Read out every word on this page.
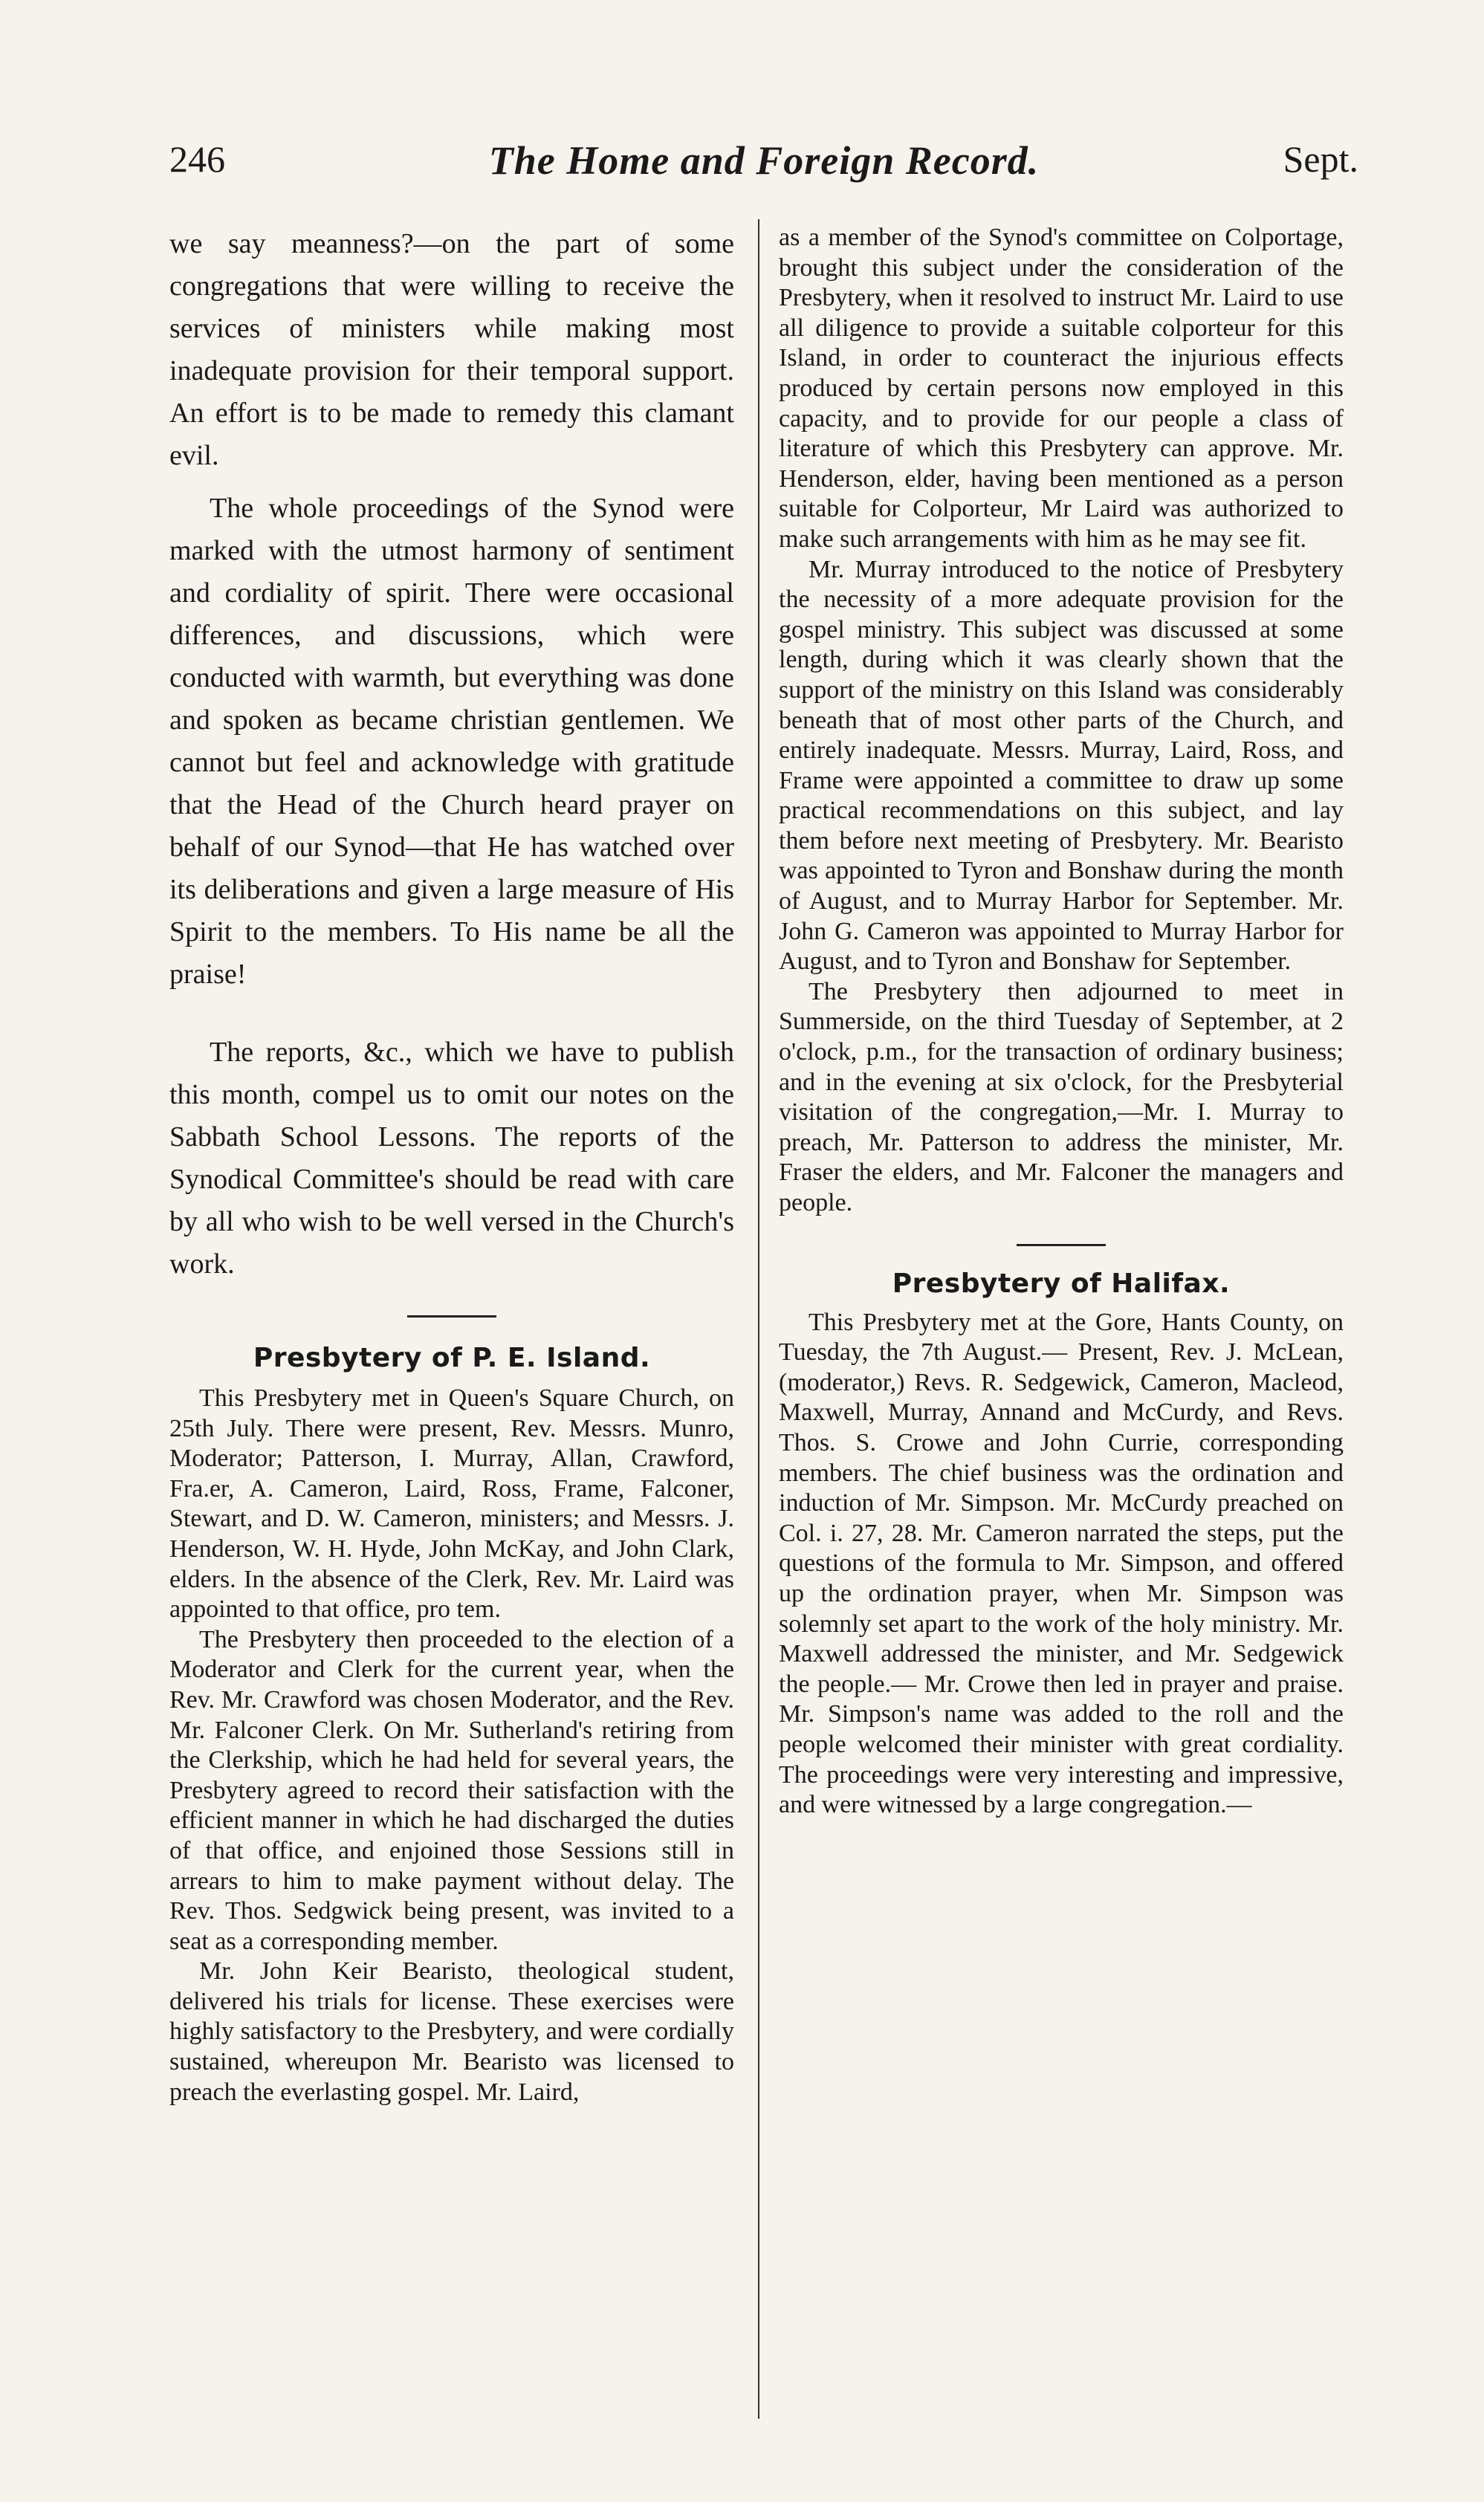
246	The Home and Foreign Record.	Sept.

we say meanness?—on the part of some congregations that were willing to receive the services of ministers while making most inadequate provision for their temporal support. An effort is to be made to remedy this clamant evil.

The whole proceedings of the Synod were marked with the utmost harmony of sentiment and cordiality of spirit. There were occasional differences, and discussions, which were conducted with warmth, but everything was done and spoken as became christian gentlemen. We cannot but feel and acknowledge with gratitude that the Head of the Church heard prayer on behalf of our Synod—that He has watched over its deliberations and given a large measure of His Spirit to the members. To His name be all the praise!

The reports, &c., which we have to publish this month, compel us to omit our notes on the Sabbath School Lessons. The reports of the Synodical Committee's should be read with care by all who wish to be well versed in the Church's work.

Presbytery of P. E. Island.

This Presbytery met in Queen's Square Church, on 25th July. There were present, Rev. Messrs. Munro, Moderator; Patterson, I. Murray, Allan, Crawford, Fra.er, A. Cameron, Laird, Ross, Frame, Falconer, Stewart, and D. W. Cameron, ministers; and Messrs. J. Henderson, W. H. Hyde, John McKay, and John Clark, elders. In the absence of the Clerk, Rev. Mr. Laird was appointed to that office, pro tem.

The Presbytery then proceeded to the election of a Moderator and Clerk for the current year, when the Rev. Mr. Crawford was chosen Moderator, and the Rev. Mr. Falconer Clerk. On Mr. Sutherland's retiring from the Clerkship, which he had held for several years, the Presbytery agreed to record their satisfaction with the efficient manner in which he had discharged the duties of that office, and enjoined those Sessions still in arrears to him to make payment without delay. The Rev. Thos. Sedgwick being present, was invited to a seat as a corresponding member.

Mr. John Keir Bearisto, theological student, delivered his trials for license. These exercises were highly satisfactory to the Presbytery, and were cordially sustained, whereupon Mr. Bearisto was licensed to preach the everlasting gospel. Mr. Laird,

as a member of the Synod's committee on Colportage, brought this subject under the consideration of the Presbytery, when it resolved to instruct Mr. Laird to use all diligence to provide a suitable colporteur for this Island, in order to counteract the injurious effects produced by certain persons now employed in this capacity, and to provide for our people a class of literature of which this Presbytery can approve. Mr. Henderson, elder, having been mentioned as a person suitable for Colporteur, Mr Laird was authorized to make such arrangements with him as he may see fit.

Mr. Murray introduced to the notice of Presbytery the necessity of a more adequate provision for the gospel ministry. This subject was discussed at some length, during which it was clearly shown that the support of the ministry on this Island was considerably beneath that of most other parts of the Church, and entirely inadequate. Messrs. Murray, Laird, Ross, and Frame were appointed a committee to draw up some practical recommendations on this subject, and lay them before next meeting of Presbytery. Mr. Bearisto was appointed to Tyron and Bonshaw during the month of August, and to Murray Harbor for September. Mr. John G. Cameron was appointed to Murray Harbor for August, and to Tyron and Bonshaw for September.

The Presbytery then adjourned to meet in Summerside, on the third Tuesday of September, at 2 o'clock, p.m., for the transaction of ordinary business; and in the evening at six o'clock, for the Presbyterial visitation of the congregation,—Mr. I. Murray to preach, Mr. Patterson to address the minister, Mr. Fraser the elders, and Mr. Falconer the managers and people.

Presbytery of Halifax.

This Presbytery met at the Gore, Hants County, on Tuesday, the 7th August.— Present, Rev. J. McLean, (moderator,) Revs. R. Sedgewick, Cameron, Macleod, Maxwell, Murray, Annand and McCurdy, and Revs. Thos. S. Crowe and John Currie, corresponding members. The chief business was the ordination and induction of Mr. Simpson. Mr. McCurdy preached on Col. i. 27, 28. Mr. Cameron narrated the steps, put the questions of the formula to Mr. Simpson, and offered up the ordination prayer, when Mr. Simpson was solemnly set apart to the work of the holy ministry. Mr. Maxwell addressed the minister, and Mr. Sedgewick the people.— Mr. Crowe then led in prayer and praise. Mr. Simpson's name was added to the roll and the people welcomed their minister with great cordiality. The proceedings were very interesting and impressive, and were witnessed by a large congregation.—
